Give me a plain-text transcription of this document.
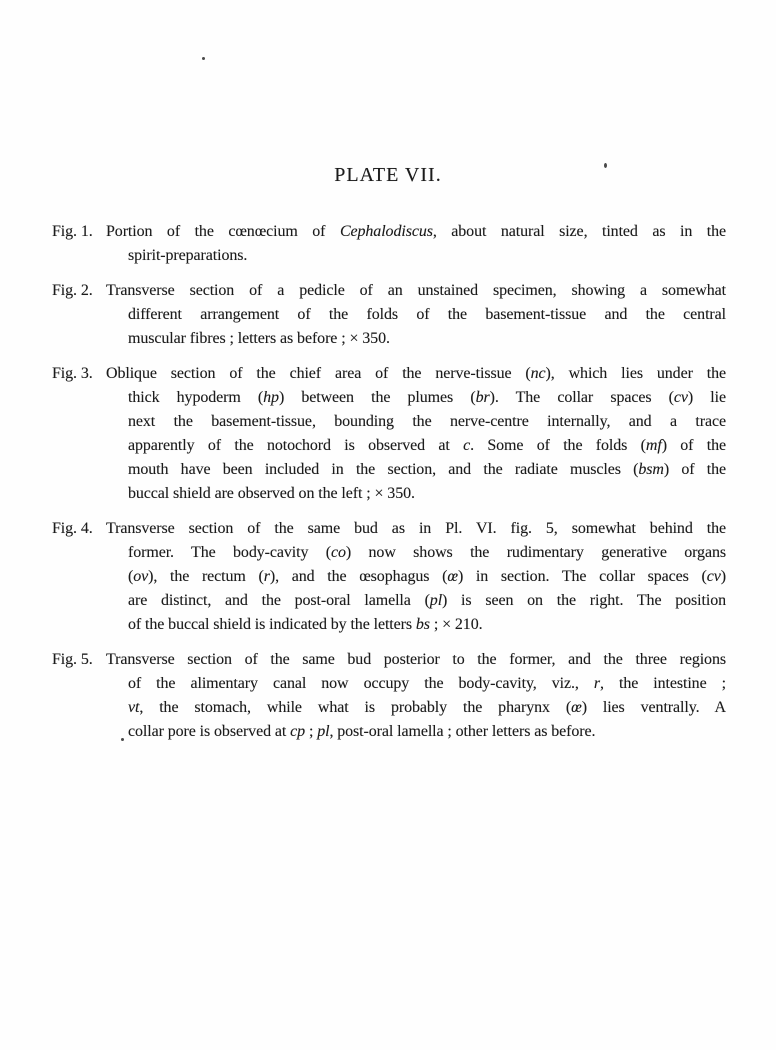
PLATE VII.
Fig. 1. Portion of the cœnœcium of Cephalodiscus, about natural size, tinted as in the
spirit-preparations.
Fig. 2. Transverse section of a pedicle of an unstained specimen, showing a somewhat
different arrangement of the folds of the basement-tissue and the central
muscular fibres ; letters as before ; × 350.
Fig. 3. Oblique section of the chief area of the nerve-tissue (nc), which lies under the
thick hypoderm (hp) between the plumes (br). The collar spaces (cv) lie
next the basement-tissue, bounding the nerve-centre internally, and a trace
apparently of the notochord is observed at c. Some of the folds (mf) of the
mouth have been included in the section, and the radiate muscles (bsm) of the
buccal shield are observed on the left ; × 350.
Fig. 4. Transverse section of the same bud as in Pl. VI. fig. 5, somewhat behind the
former. The body-cavity (co) now shows the rudimentary generative organs
(ov), the rectum (r), and the œsophagus (œ) in section. The collar spaces (cv)
are distinct, and the post-oral lamella (pl) is seen on the right. The position
of the buccal shield is indicated by the letters bs ; × 210.
Fig. 5. Transverse section of the same bud posterior to the former, and the three regions
of the alimentary canal now occupy the body-cavity, viz., r, the intestine ;
vt, the stomach, while what is probably the pharynx (œ) lies ventrally. A
collar pore is observed at cp ; pl, post-oral lamella ; other letters as before.
